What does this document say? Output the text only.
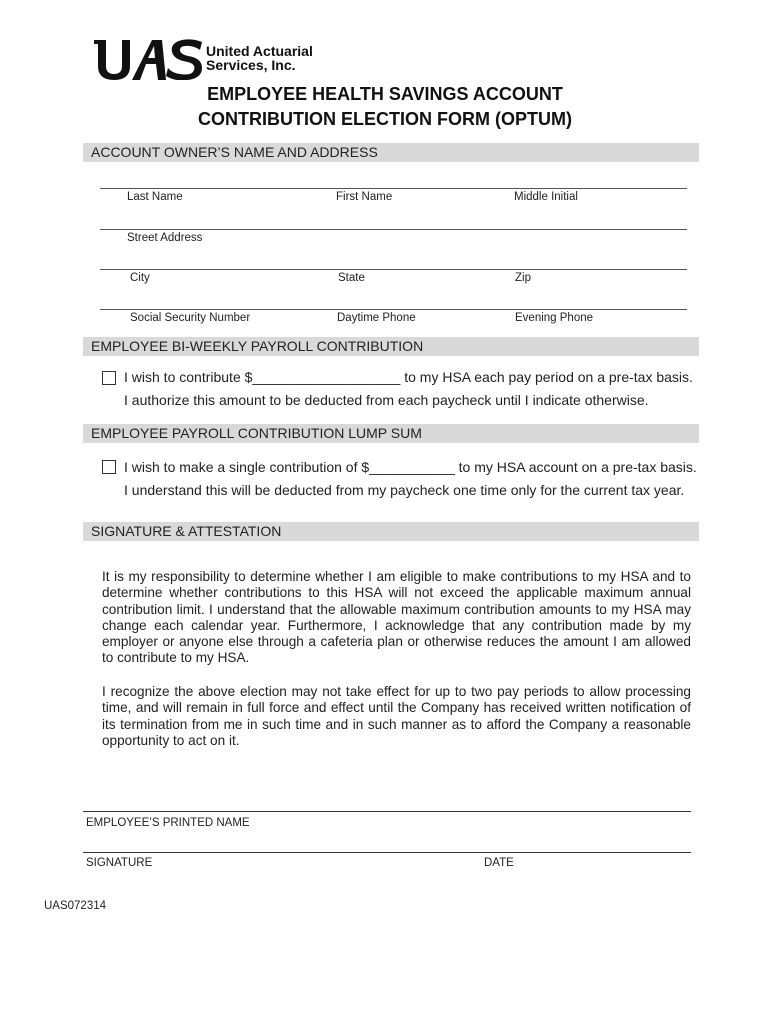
United Actuarial
Services, Inc.
EMPLOYEE HEALTH SAVINGS ACCOUNT
CONTRIBUTION ELECTION FORM (OPTUM)
ACCOUNT OWNER’S NAME AND ADDRESS
Last Name	First Name	Middle Initial
Street Address
City	State	Zip
Social Security Number	Daytime Phone	Evening Phone
EMPLOYEE BI-WEEKLY PAYROLL CONTRIBUTION
I wish to contribute $___________________ to my HSA each pay period on a pre-tax basis.
I authorize this amount to be deducted from each paycheck until I indicate otherwise.
EMPLOYEE PAYROLL CONTRIBUTION LUMP SUM
I wish to make a single contribution of $___________ to my HSA account on a pre-tax basis.
I understand this will be deducted from my paycheck one time only for the current tax year.
SIGNATURE & ATTESTATION
It is my responsibility to determine whether I am eligible to make contributions to my HSA and to determine whether contributions to this HSA will not exceed the applicable maximum annual contribution limit. I understand that the allowable maximum contribution amounts to my HSA may change each calendar year. Furthermore, I acknowledge that any contribution made by my employer or anyone else through a cafeteria plan or otherwise reduces the amount I am allowed to contribute to my HSA.
I recognize the above election may not take effect for up to two pay periods to allow processing time, and will remain in full force and effect until the Company has received written notification of its termination from me in such time and in such manner as to afford the Company a reasonable opportunity to act on it.
EMPLOYEE’S PRINTED NAME
SIGNATURE	DATE
UAS072314
